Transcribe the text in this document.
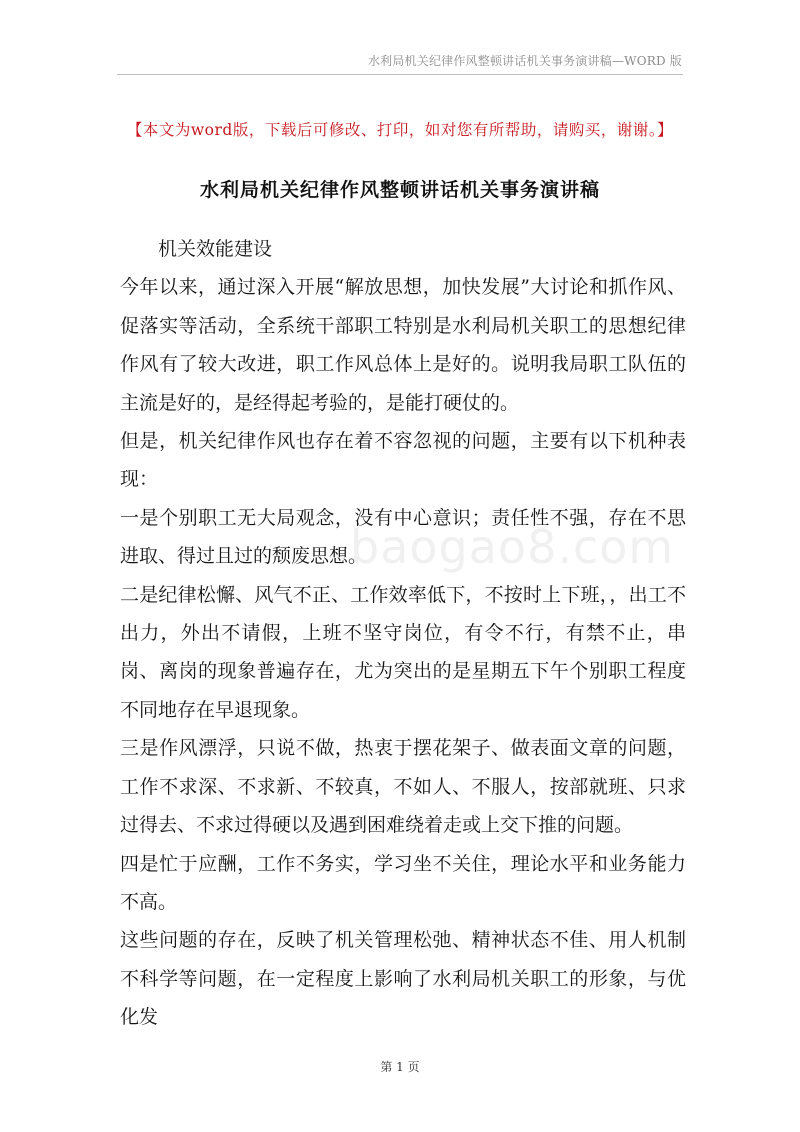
水利局机关纪律作风整顿讲话机关事务演讲稿—WORD 版
【本文为word版，下载后可修改、打印，如对您有所帮助，请购买，谢谢。】
水利局机关纪律作风整顿讲话机关事务演讲稿

机关效能建设

今年以来，通过深入开展“解放思想，加快发展”大讨论和抓作风、促落实等活动，全系统干部职工特别是水利局机关职工的思想纪律作风有了较大改进，职工作风总体上是好的。说明我局职工队伍的主流是好的，是经得起考验的，是能打硬仗的。

但是，机关纪律作风也存在着不容忽视的问题，主要有以下机种表现：

一是个别职工无大局观念，没有中心意识；责任性不强，存在不思进取、得过且过的颓废思想。

二是纪律松懈、风气不正、工作效率低下，不按时上下班，，出工不出力，外出不请假，上班不坚守岗位，有令不行，有禁不止，串岗、离岗的现象普遍存在，尤为突出的是星期五下午个别职工程度不同地存在早退现象。

三是作风漂浮，只说不做，热衷于摆花架子、做表面文章的问题，工作不求深、不求新、不较真，不如人、不服人，按部就班、只求过得去、不求过得硬以及遇到困难绕着走或上交下推的问题。

四是忙于应酬，工作不务实，学习坐不关住，理论水平和业务能力不高。

这些问题的存在，反映了机关管理松弛、精神状态不佳、用人机制不科学等问题，在一定程度上影响了水利局机关职工的形象，与优化发

baogao8.com
第 1 页
